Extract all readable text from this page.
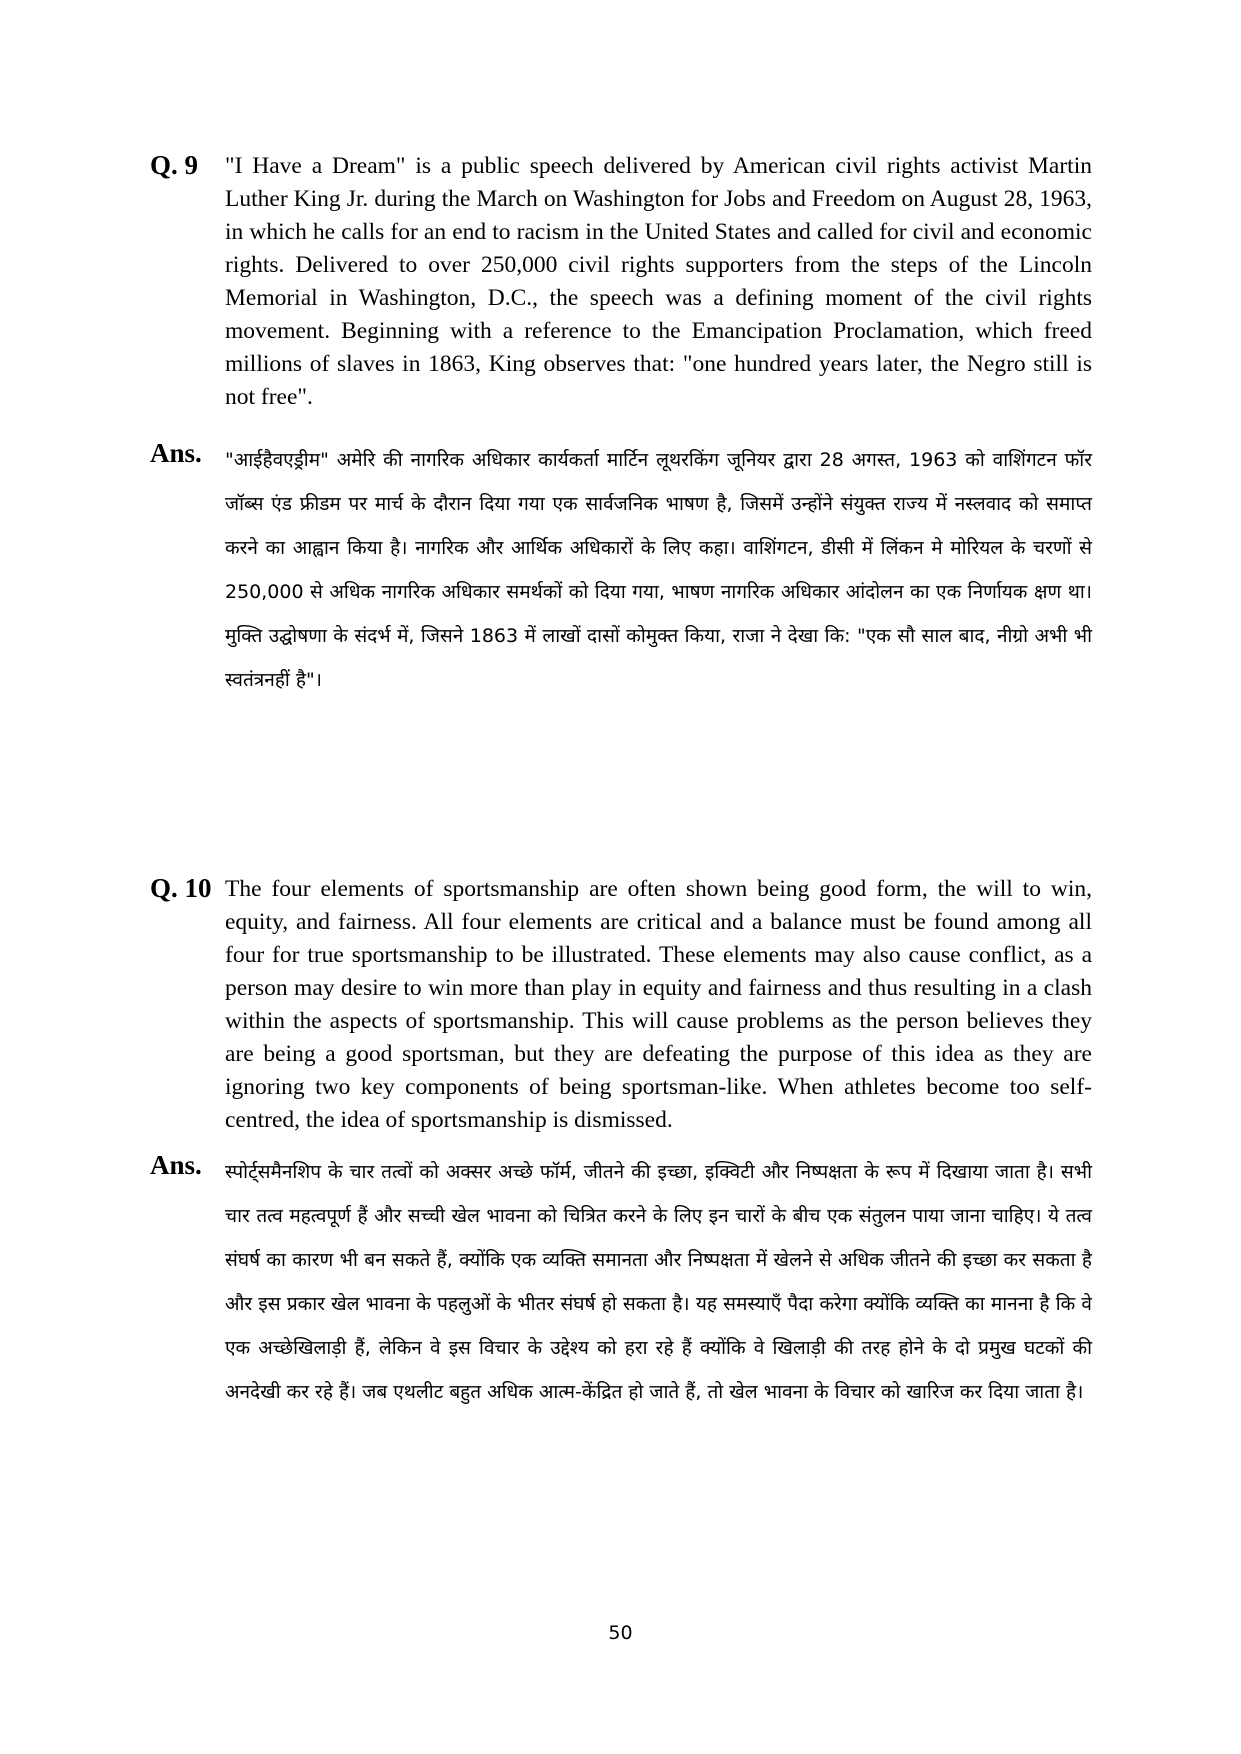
Q. 9 "I Have a Dream" is a public speech delivered by American civil rights activist Martin Luther King Jr. during the March on Washington for Jobs and Freedom on August 28, 1963, in which he calls for an end to racism in the United States and called for civil and economic rights. Delivered to over 250,000 civil rights supporters from the steps of the Lincoln Memorial in Washington, D.C., the speech was a defining moment of the civil rights movement. Beginning with a reference to the Emancipation Proclamation, which freed millions of slaves in 1863, King observes that: "one hundred years later, the Negro still is not free".
Ans. "आईहैवएड्रीम" अमेरि की नागरिक अधिकार कार्यकर्ता मार्टिन लूथरकिंग जूनियर द्वारा 28 अगस्त, 1963 को वाशिंगटन फॉर जॉब्स एंड फ्रीडम पर मार्च के दौरान दिया गया एक सार्वजनिक भाषण है, जिसमें उन्होंने संयुक्त राज्य में नस्लवाद को समाप्त करने का आह्वान किया है। नागरिक और आर्थिक अधिकारों के लिए कहा। वाशिंगटन, डीसी में लिंकन मे मोरियल के चरणों से 250,000 से अधिक नागरिक अधिकार समर्थकों को दिया गया, भाषण नागरिक अधिकार आंदोलन का एक निर्णायक क्षण था। मुक्ति उद्घोषणा के संदर्भ में, जिसने 1863 में लाखों दासों कोमुक्त किया, राजा ने देखा कि: "एक सौ साल बाद, नीग्रो अभी भी स्वतंत्रनहीं है"।
Q. 10 The four elements of sportsmanship are often shown being good form, the will to win, equity, and fairness. All four elements are critical and a balance must be found among all four for true sportsmanship to be illustrated. These elements may also cause conflict, as a person may desire to win more than play in equity and fairness and thus resulting in a clash within the aspects of sportsmanship. This will cause problems as the person believes they are being a good sportsman, but they are defeating the purpose of this idea as they are ignoring two key components of being sportsman-like. When athletes become too self-centred, the idea of sportsmanship is dismissed.
Ans. स्पोर्ट्समैनशिप के चार तत्वों को अक्सर अच्छे फॉर्म, जीतने की इच्छा, इक्विटी और निष्पक्षता के रूप में दिखाया जाता है। सभी चार तत्व महत्वपूर्ण हैं और सच्ची खेल भावना को चित्रित करने के लिए इन चारों के बीच एक संतुलन पाया जाना चाहिए। ये तत्व संघर्ष का कारण भी बन सकते हैं, क्योंकि एक व्यक्ति समानता और निष्पक्षता में खेलने से अधिक जीतने की इच्छा कर सकता है और इस प्रकार खेल भावना के पहलुओं के भीतर संघर्ष हो सकता है। यह समस्याएँ पैदा करेगा क्योंकि व्यक्ति का मानना है कि वे एक अच्छेखिलाड़ी हैं, लेकिन वे इस विचार के उद्देश्य को हरा रहे हैं क्योंकि वे खिलाड़ी की तरह होने के दो प्रमुख घटकों की अनदेखी कर रहे हैं। जब एथलीट बहुत अधिक आत्म-केंद्रित हो जाते हैं, तो खेल भावना के विचार को खारिज कर दिया जाता है।
50
